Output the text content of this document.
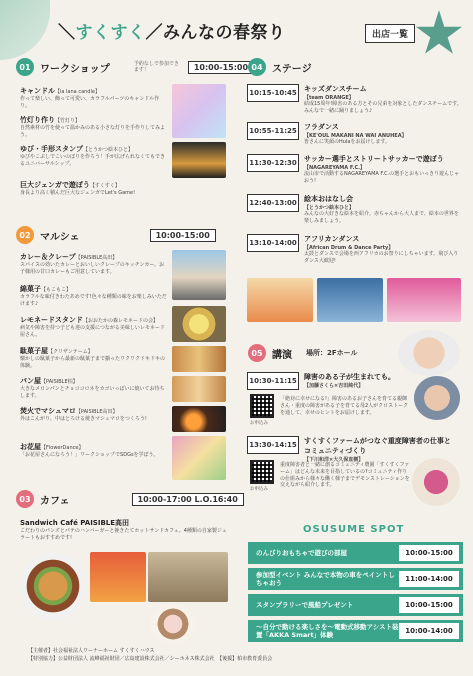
＼すくすく／みんなの春祭り	出店一覧
01 ワークショップ	予約なしで参加できます！	10:00-15:00
キャンドル【la lana candle】
作って楽しい、飾って可愛い、カラフルパーツのキャンドル作り。
竹灯り作り【竹灯り】
自然素材の竹を使って温かみのある小さな灯りを手作りしてみよう。
ゆび・手形スタンプ【とうかつ絵本ひと】
ゆびやこぶしでこいのぼりを作ろう！手が広げられなくてもできるユニバーサルシップ。
巨大ジェンガで遊ぼう【すくすく】
身長より高く積んだ巨大なジェンガでLet's Game!
02 マルシェ	10:00-15:00
カレー＆クレープ【PAISIBLE高田】
スパイスの効いたカレーとおいしいクレープのキッチンカー。お子様用の甘口カレーもご用意しています。
綿菓子【もこもこ】
カラフルな味付きわたあめです!色々な種類の味をお楽しみいただけます♪
レモネードスタンド【おおたかの森レモネードの会】
病気や障害を持つ子ども達の支援につながる美味しいレモネード屋さん。
駄菓子屋【クリザンテーム】
懐かしの駄菓子から最新の駄菓子まで揃ったワクワクドキドキの体験。
パン屋【PAISIBLE柏】
大きなメロンパンとチョココロネをカゴいっぱいに焼いてお待ちします。
焚火でマシュマロ【PAISIBLE高田】
外はこんがり、中はとろける焼きマシュマロをつくろう!
お花屋【FlowerDance】
「お花屋さんになろう！」ワークショップでSDGsを学ぼう。
03 カフェ	10:00-17:00 L.O.16:40
Sandwich Café PAISIBLE高田
こだわりのパンズとパテのハンバーガーと挽きたてホットサンドカフェ。4種類の自家製ジェラートもおすすめです!
04 ステージ
10:15-10:45	キッズダンスチーム
【team ORANGE】
結成15周年!障害のある方とその兄弟を対象としたダンスチームです。みんなで一緒に踊りましょう♪
10:55-11:25	フラダンス
【KE'OUL MAKANI NA WAI ANUHEA】
皆さんに笑顔のHulaをお届けします。
11:30-12:30	サッカー選手とストリートサッカーで遊ぼう
【NAGAREYAMA F.C.】
流山市で活動するNAGAREYAMA F.C.の選手とおもいっきり遊んじゃおう!
12:40-13:00	絵本おはなし会
【とうかつ絵本ひと】
みんなの大好きな絵本を紹介。赤ちゃんから大人まで、絵本の世界を楽しみましょう。
13:10-14:00	アフリカンダンス
【African Drum & Dance Party】
太鼓とダンスで会場を西アフリカのお祭りにしちゃいます。飛び入りダンス大歓迎!
05 講演 場所：2Fホール
10:30-11:15	障害のある子が生まれても。
【加藤さくら×吉田純代】
お申込み
「絶対に幸せになる!」障害のあるお子さんを育てる親御さん・重度の障害がある子を育てる母2人がクロストークを通して、幸せのヒントをお届けします。
13:30-14:15	すくすくファームがつなぐ重度障害者の仕事とコミュニティづくり
【下川和洋×大久保直樹】
お申込み
重度障害者と一緒に創るコミュニティ農園「すくすくファーム」はどんな未来を目指しているの?コミュニティ作りの仕組みから様々な働く様子までデモンストレーションを交えながら紹介します。
OSUSUME SPOT
のんびりおもちゃで遊びの部屋	10:00-15:00
参加型イベント みんなで本物の車をペイントしちゃおう	11:00-14:00
スタンプラリーで風船プレゼント	10:00-15:00
～自分で動ける楽しさを～電動式移動アシスト装置「AKKA Smart」体験	10:00-14:00
【主催者】社会福祉法人ワーナーホーム すくすくハウス
【特別協力】公益財団法人 流峰福祉財団／広島建設株式会社／シーホネス株式会社　【後援】柏市教育委員会
